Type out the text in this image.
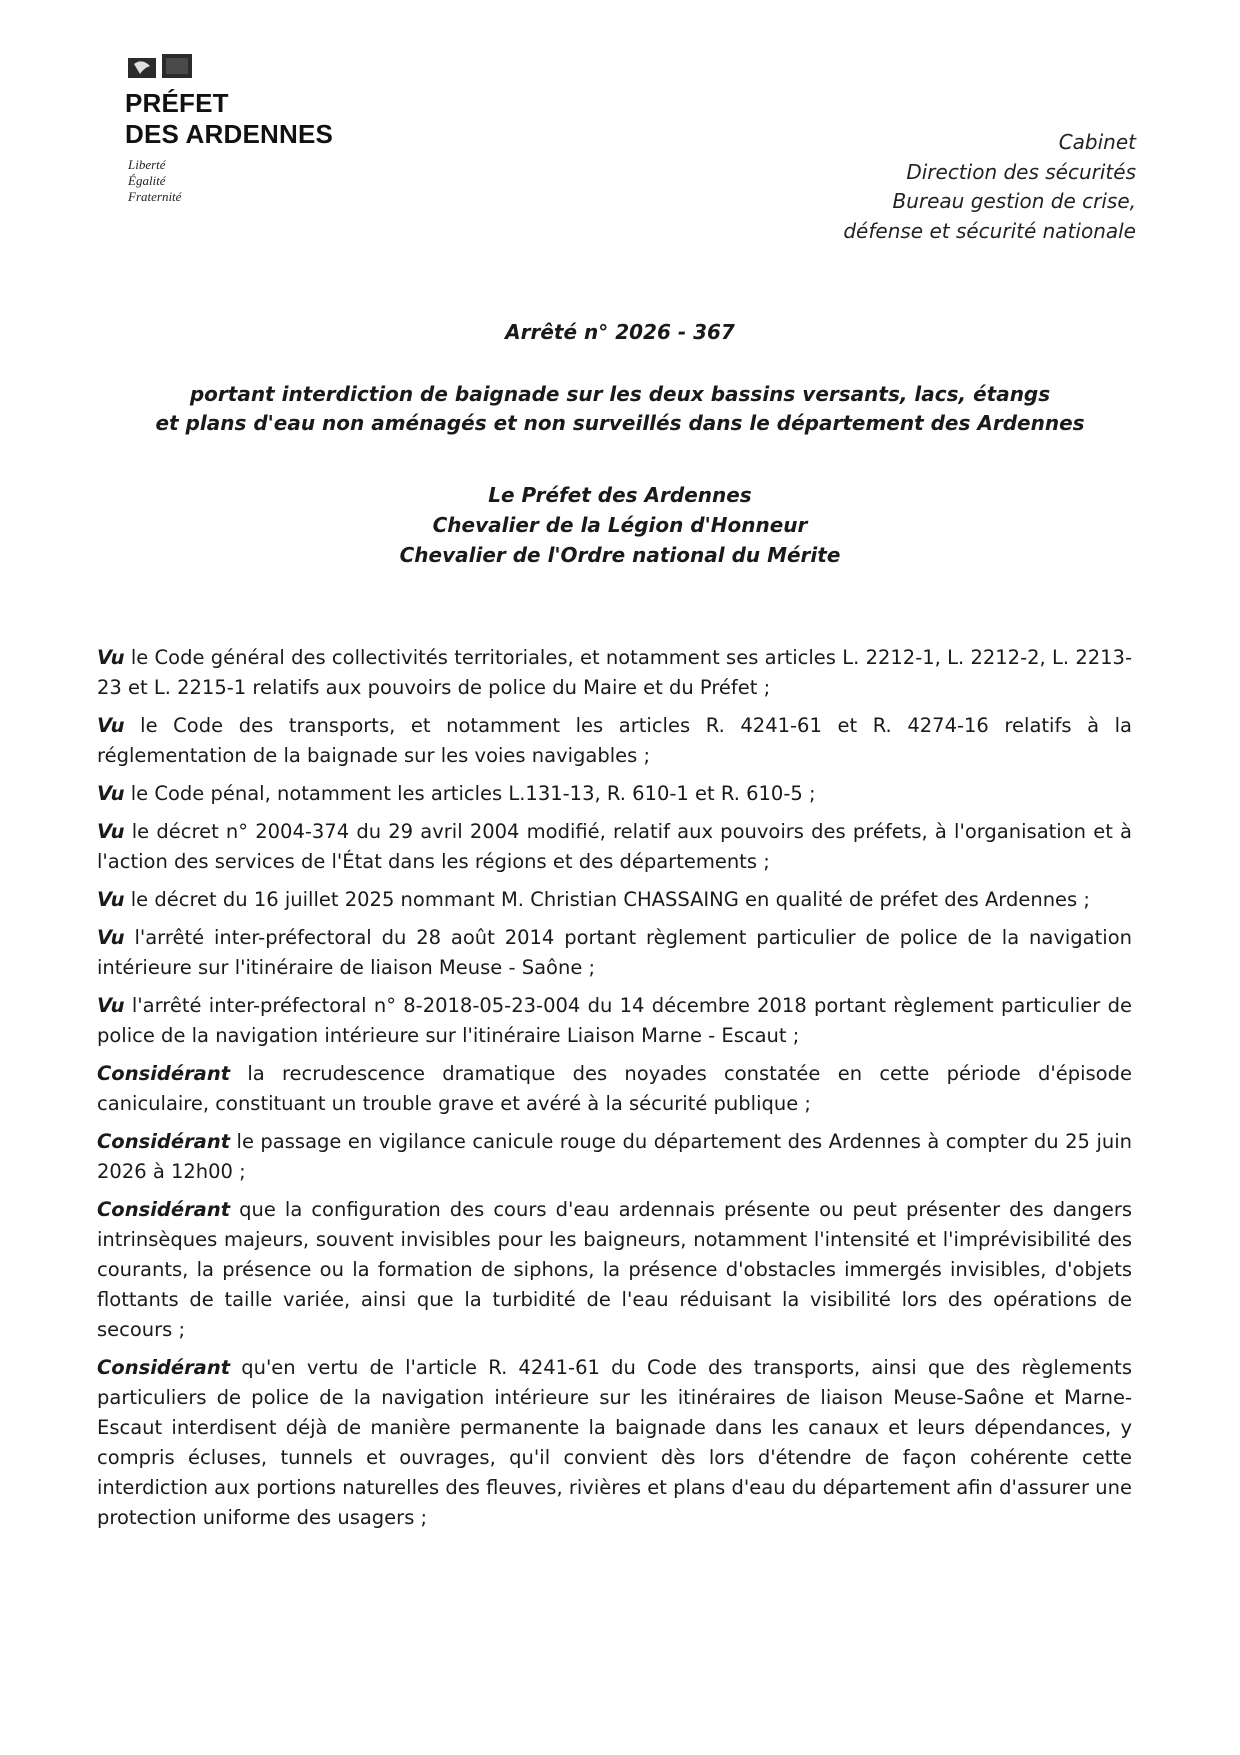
PRÉFET
DES ARDENNES
Liberté
Égalité
Fraternité
Cabinet
Direction des sécurités
Bureau gestion de crise,
défense et sécurité nationale
Arrêté n° 2026 - 367
portant interdiction de baignade sur les deux bassins versants, lacs, étangs
et plans d'eau non aménagés et non surveillés dans le département des Ardennes
Le Préfet des Ardennes
Chevalier de la Légion d'Honneur
Chevalier de l'Ordre national du Mérite

Vu le Code général des collectivités territoriales, et notamment ses articles L. 2212-1, L. 2212-2, L. 2213-23 et L. 2215-1 relatifs aux pouvoirs de police du Maire et du Préfet ;

Vu le Code des transports, et notamment les articles R. 4241-61 et R. 4274-16 relatifs à la réglementation de la baignade sur les voies navigables ;

Vu le Code pénal, notamment les articles L.131-13, R. 610-1 et R. 610-5 ;

Vu le décret n° 2004-374 du 29 avril 2004 modifié, relatif aux pouvoirs des préfets, à l'organisation et à l'action des services de l'État dans les régions et des départements ;

Vu le décret du 16 juillet 2025 nommant M. Christian CHASSAING en qualité de préfet des Ardennes ;

Vu l'arrêté inter-préfectoral du 28 août 2014 portant règlement particulier de police de la navigation intérieure sur l'itinéraire de liaison Meuse - Saône ;

Vu l'arrêté inter-préfectoral n° 8-2018-05-23-004 du 14 décembre 2018 portant règlement particulier de police de la navigation intérieure sur l'itinéraire Liaison Marne - Escaut ;

Considérant la recrudescence dramatique des noyades constatée en cette période d'épisode caniculaire, constituant un trouble grave et avéré à la sécurité publique ;

Considérant le passage en vigilance canicule rouge du département des Ardennes à compter du 25 juin 2026 à 12h00 ;

Considérant que la configuration des cours d'eau ardennais présente ou peut présenter des dangers intrinsèques majeurs, souvent invisibles pour les baigneurs, notamment l'intensité et l'imprévisibilité des courants, la présence ou la formation de siphons, la présence d'obstacles immergés invisibles, d'objets flottants de taille variée, ainsi que la turbidité de l'eau réduisant la visibilité lors des opérations de secours ;

Considérant qu'en vertu de l'article R. 4241-61 du Code des transports, ainsi que des règlements particuliers de police de la navigation intérieure sur les itinéraires de liaison Meuse-Saône et Marne-Escaut interdisent déjà de manière permanente la baignade dans les canaux et leurs dépendances, y compris écluses, tunnels et ouvrages, qu'il convient dès lors d'étendre de façon cohérente cette interdiction aux portions naturelles des fleuves, rivières et plans d'eau du département afin d'assurer une protection uniforme des usagers ;
